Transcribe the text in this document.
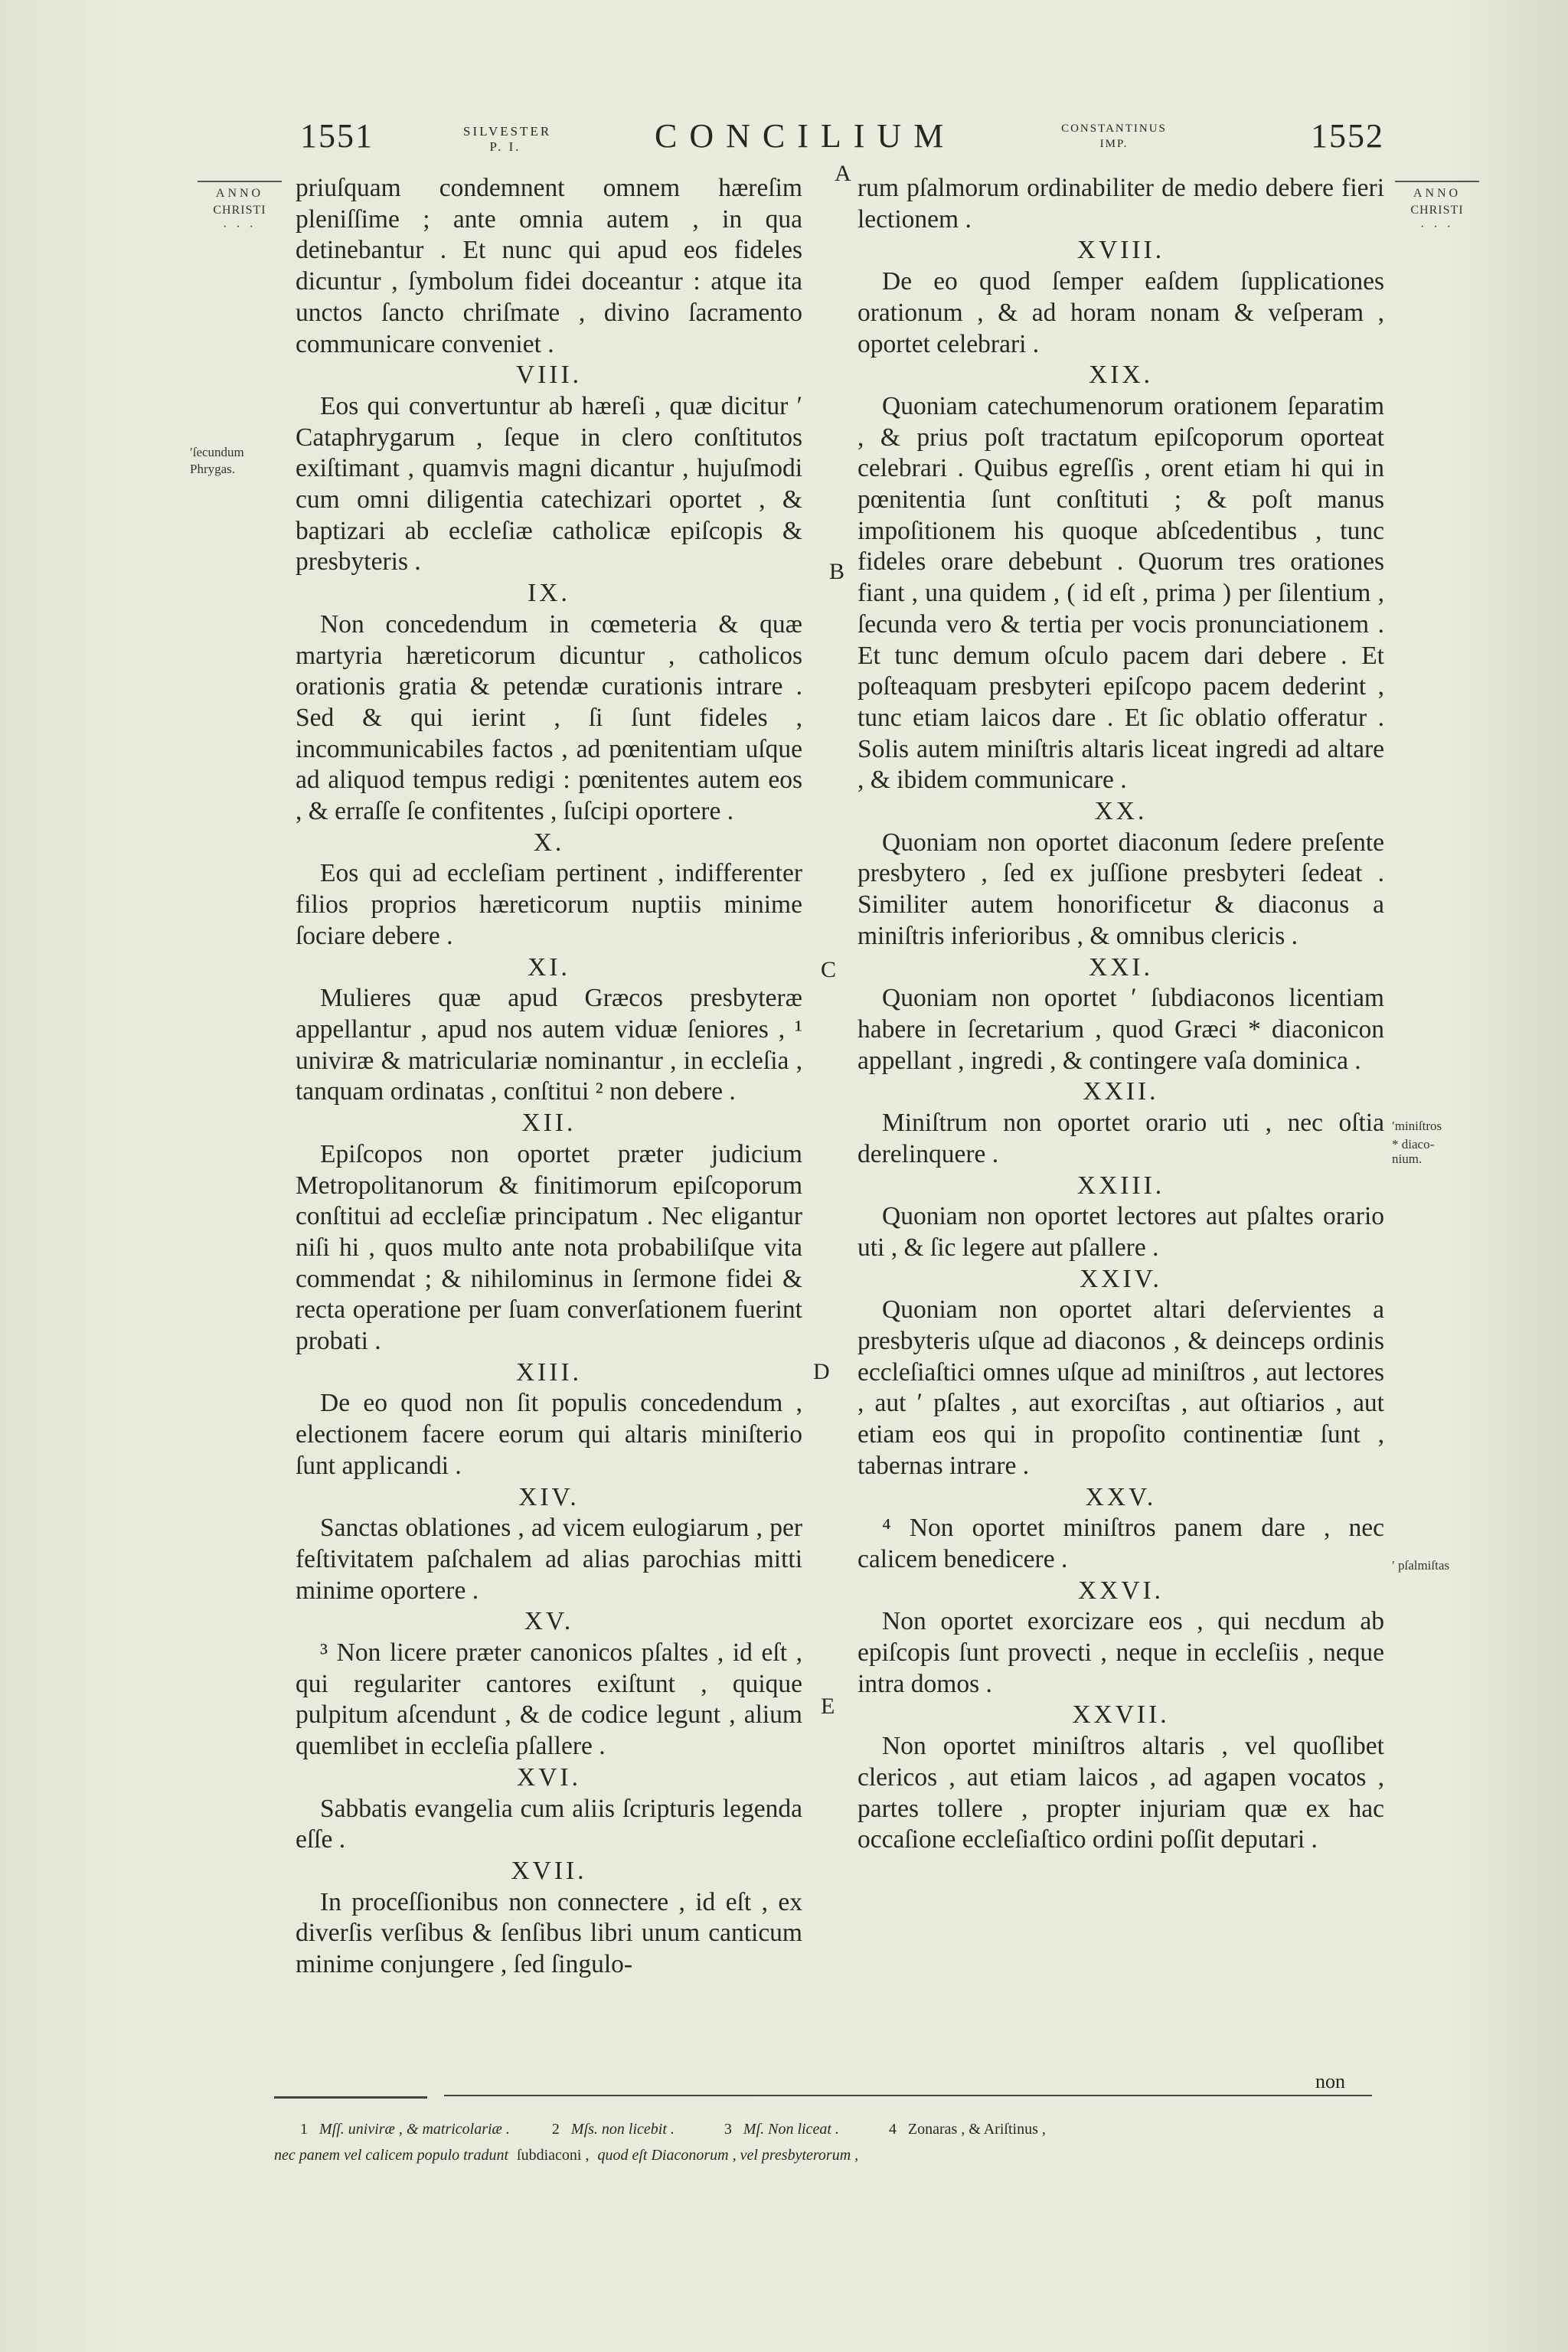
1551	SILVESTER
P. I.	CONCILIUM	CONSTANTINUS
IMP.	1552
ANNO
CHRISTI
· · ·
ʹſecundum
Phrygas.
ANNO
CHRISTI
· · ·
ʹminiſtros
* diaco-
nium.
ʹ pſalmiſtas
A
B
C
D
E

priuſquam condemnent omnem hæreſim pleniſſime ; ante omnia autem , in qua detinebantur . Et nunc qui apud eos fideles dicuntur , ſymbolum fidei doceantur : atque ita unctos ſancto chriſmate , divino ſacramento communicare conveniet .

VIII.

Eos qui convertuntur ab hæreſi , quæ dicitur ʹ Cataphrygarum , ſeque in clero conſtitutos exiſtimant , quamvis magni dicantur , hujuſmodi cum omni diligentia catechizari oportet , & baptizari ab eccleſiæ catholicæ epiſcopis & presbyteris .

IX.

Non concedendum in cœmeteria & quæ martyria hæreticorum dicuntur , catholicos orationis gratia & petendæ curationis intrare . Sed & qui ierint , ſi ſunt fideles , incommunicabiles factos , ad pœnitentiam uſque ad aliquod tempus redigi : pœnitentes autem eos , & erraſſe ſe confitentes , ſuſcipi oportere .

X.

Eos qui ad eccleſiam pertinent , indifferenter filios proprios hæreticorum nuptiis minime ſociare debere .

XI.

Mulieres quæ apud Græcos presbyteræ appellantur , apud nos autem viduæ ſeniores , ¹ univiræ & matriculariæ nominantur , in eccleſia , tanquam ordinatas , conſtitui ² non debere .

XII.

Epiſcopos non oportet præter judicium Metropolitanorum & finitimorum epiſcoporum conſtitui ad eccleſiæ principatum . Nec eligantur niſi hi , quos multo ante nota probabiliſque vita commendat ; & nihilominus in ſermone fidei & recta operatione per ſuam converſationem fuerint probati .

XIII.

De eo quod non ſit populis concedendum , electionem facere eorum qui altaris miniſterio ſunt applicandi .

XIV.

Sanctas oblationes , ad vicem eulogiarum , per feſtivitatem paſchalem ad alias parochias mitti minime oportere .

XV.

³ Non licere præter canonicos pſaltes , id eſt , qui regulariter cantores exiſtunt , quique pulpitum aſcendunt , & de codice legunt , alium quemlibet in eccleſia pſallere .

XVI.

Sabbatis evangelia cum aliis ſcripturis legenda eſſe .

XVII.

In proceſſionibus non connectere , id eſt , ex diverſis verſibus & ſenſibus libri unum canticum minime conjungere , ſed ſingulo-

rum pſalmorum ordinabiliter de medio debere fieri lectionem .

XVIII.

De eo quod ſemper eaſdem ſupplicationes orationum , & ad horam nonam & veſperam , oportet celebrari .

XIX.

Quoniam catechumenorum orationem ſeparatim , & prius poſt tractatum epiſcoporum oporteat celebrari . Quibus egreſſis , orent etiam hi qui in pœnitentia ſunt conſtituti ; & poſt manus impoſitionem his quoque abſcedentibus , tunc fideles orare debebunt . Quorum tres orationes fiant , una quidem , ( id eſt , prima ) per ſilentium , ſecunda vero & tertia per vocis pronunciationem . Et tunc demum oſculo pacem dari debere . Et poſteaquam presbyteri epiſcopo pacem dederint , tunc etiam laicos dare . Et ſic oblatio offeratur . Solis autem miniſtris altaris liceat ingredi ad altare , & ibidem communicare .

XX.

Quoniam non oportet diaconum ſedere preſente presbytero , ſed ex juſſione presbyteri ſedeat . Similiter autem honorificetur & diaconus a miniſtris inferioribus , & omnibus clericis .

XXI.

Quoniam non oportet ʹ ſubdiaconos licentiam habere in ſecretarium , quod Græci * diaconicon appellant , ingredi , & contingere vaſa dominica .

XXII.

Miniſtrum non oportet orario uti , nec oſtia derelinquere .

XXIII.

Quoniam non oportet lectores aut pſaltes orario uti , & ſic legere aut pſallere .

XXIV.

Quoniam non oportet altari deſervientes a presbyteris uſque ad diaconos , & deinceps ordinis eccleſiaſtici omnes uſque ad miniſtros , aut lectores , aut ʹ pſaltes , aut exorciſtas , aut oſtiarios , aut etiam eos qui in propoſito continentiæ ſunt , tabernas intrare .

XXV.

⁴ Non oportet miniſtros panem dare , nec calicem benedicere .

XXVI.

Non oportet exorcizare eos , qui necdum ab epiſcopis ſunt provecti , neque in eccleſiis , neque intra domos .

XXVII.

Non oportet miniſtros altaris , vel quoſlibet clericos , aut etiam laicos , ad agapen vocatos , partes tollere , propter injuriam quæ ex hac occaſione eccleſiaſtico ordini poſſit deputari .

non
1 Mſſ. univiræ , & matricolariæ .	2 Mſs. non licebit .	3 Mſ. Non liceat .	4 Zonaras , & Ariſtinus ,
nec panem vel calicem populo tradunt ſubdiaconi , quod eſt Diaconorum , vel presbyterorum ,
